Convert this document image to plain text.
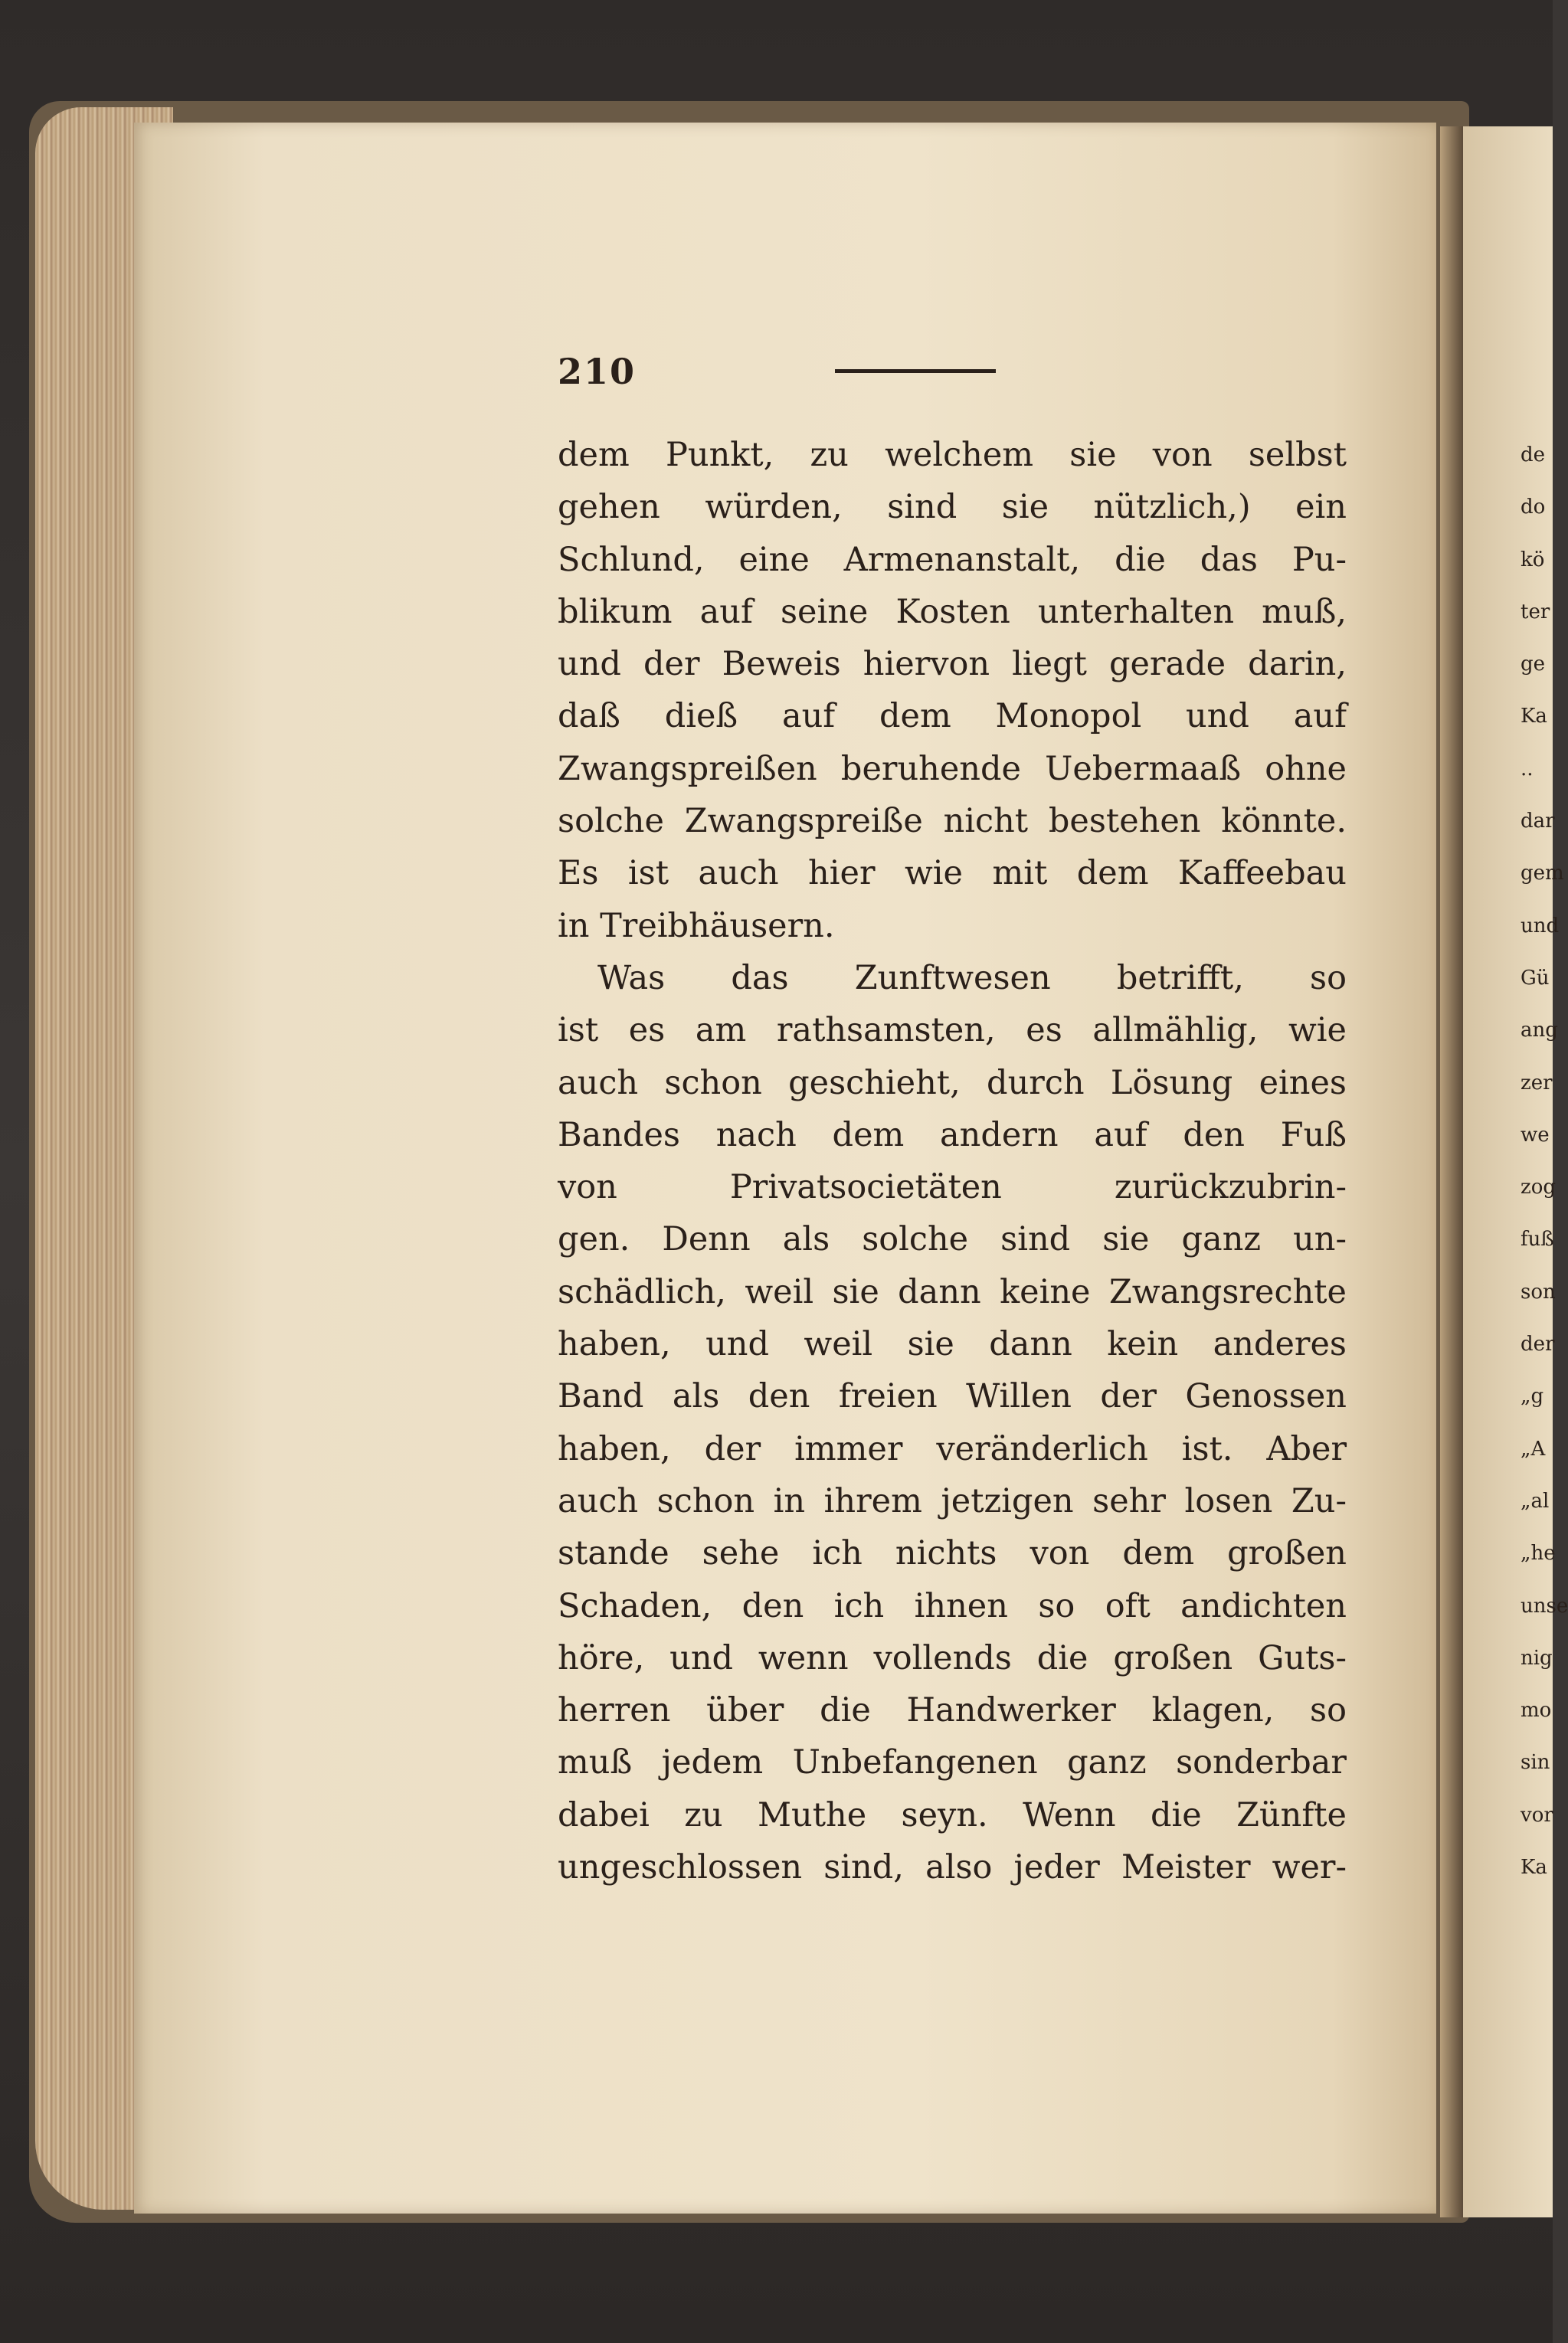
210
dem Punkt, zu welchem sie von selbst
gehen würden, sind sie nützlich,) ein
Schlund, eine Armenanstalt, die das Pu-
blikum auf seine Kosten unterhalten muß,
und der Beweis hiervon liegt gerade darin,
daß dieß auf dem Monopol und auf
Zwangspreißen beruhende Uebermaaß ohne
solche Zwangspreiße nicht bestehen könnte.
Es ist auch hier wie mit dem Kaffeebau
in Treibhäusern.
Was das Zunftwesen betrifft, so
ist es am rathsamsten, es allmählig, wie
auch schon geschieht, durch Lösung eines
Bandes nach dem andern auf den Fuß
von Privatsocietäten zurückzubrin-
gen. Denn als solche sind sie ganz un-
schädlich, weil sie dann keine Zwangsrechte
haben, und weil sie dann kein anderes
Band als den freien Willen der Genossen
haben, der immer veränderlich ist. Aber
auch schon in ihrem jetzigen sehr losen Zu-
stande sehe ich nichts von dem großen
Schaden, den ich ihnen so oft andichten
höre, und wenn vollends die großen Guts-
herren über die Handwerker klagen, so
muß jedem Unbefangenen ganz sonderbar
dabei zu Muthe seyn. Wenn die Zünfte
ungeschlossen sind, also jeder Meister wer-
de
do
kö
ter
ge
Ka
..
dar
gem
und
Gü
ang
zer
we
zog
fuß
son
der
„g
„A
„al
„he
unse
nig
mo
sin
vor
Ka
